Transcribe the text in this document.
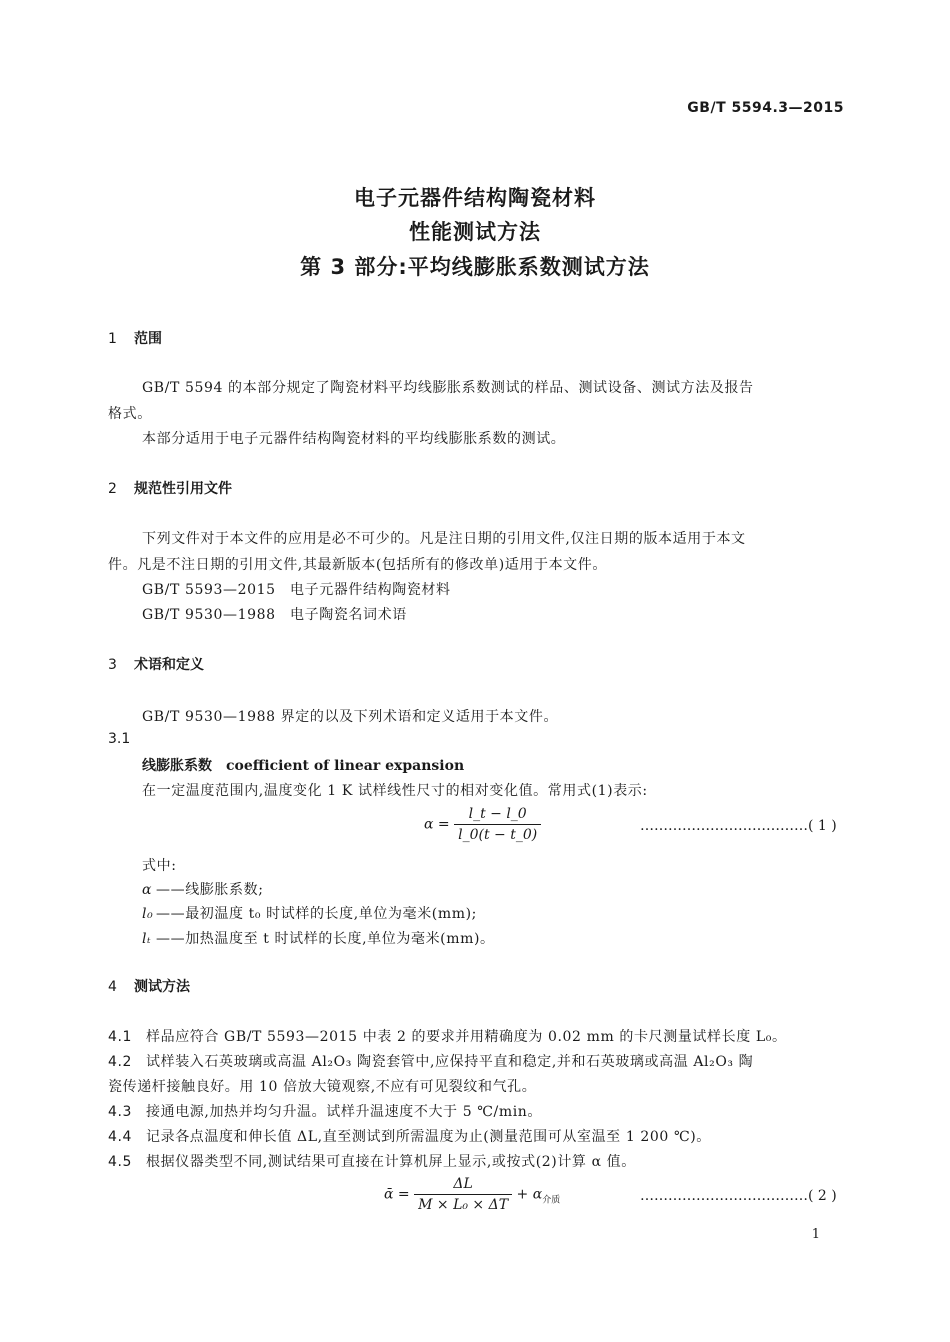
GB/T 5594.3—2015
电子元器件结构陶瓷材料
性能测试方法
第 3 部分:平均线膨胀系数测试方法
1 范围
GB/T 5594 的本部分规定了陶瓷材料平均线膨胀系数测试的样品、测试设备、测试方法及报告
格式。
本部分适用于电子元器件结构陶瓷材料的平均线膨胀系数的测试。
2 规范性引用文件
下列文件对于本文件的应用是必不可少的。凡是注日期的引用文件,仅注日期的版本适用于本文
件。凡是不注日期的引用文件,其最新版本(包括所有的修改单)适用于本文件。
GB/T 5593—2015 电子元器件结构陶瓷材料
GB/T 9530—1988 电子陶瓷名词术语
3 术语和定义
GB/T 9530—1988 界定的以及下列术语和定义适用于本文件。
3.1
线膨胀系数 coefficient of linear expansion
在一定温度范围内,温度变化 1 K 试样线性尺寸的相对变化值。常用式(1)表示:
$\alpha = \frac{l\_t - l\_0}{l\_0(t - t\_0)}$	………………………………( 1 )
式中:
α ——线膨胀系数;
l₀ ——最初温度 t₀ 时试样的长度,单位为毫米(mm);
lₜ ——加热温度至 t 时试样的长度,单位为毫米(mm)。
4 测试方法
4.1 样品应符合 GB/T 5593—2015 中表 2 的要求并用精确度为 0.02 mm 的卡尺测量试样长度 L₀。
4.2 试样装入石英玻璃或高温 Al₂O₃ 陶瓷套管中,应保持平直和稳定,并和石英玻璃或高温 Al₂O₃ 陶
瓷传递杆接触良好。用 10 倍放大镜观察,不应有可见裂纹和气孔。
4.3 接通电源,加热并均匀升温。试样升温速度不大于 5 ℃/min。
4.4 记录各点温度和伸长值 ΔL,直至测试到所需温度为止(测量范围可从室温至 1 200 ℃)。
4.5 根据仪器类型不同,测试结果可直接在计算机屏上显示,或按式(2)计算 α 值。
ᾱ = $\frac{\Delta L}{\text{M × L₀ × ΔT}} + \alpha_{介质}$	………………………………( 2 )
1
